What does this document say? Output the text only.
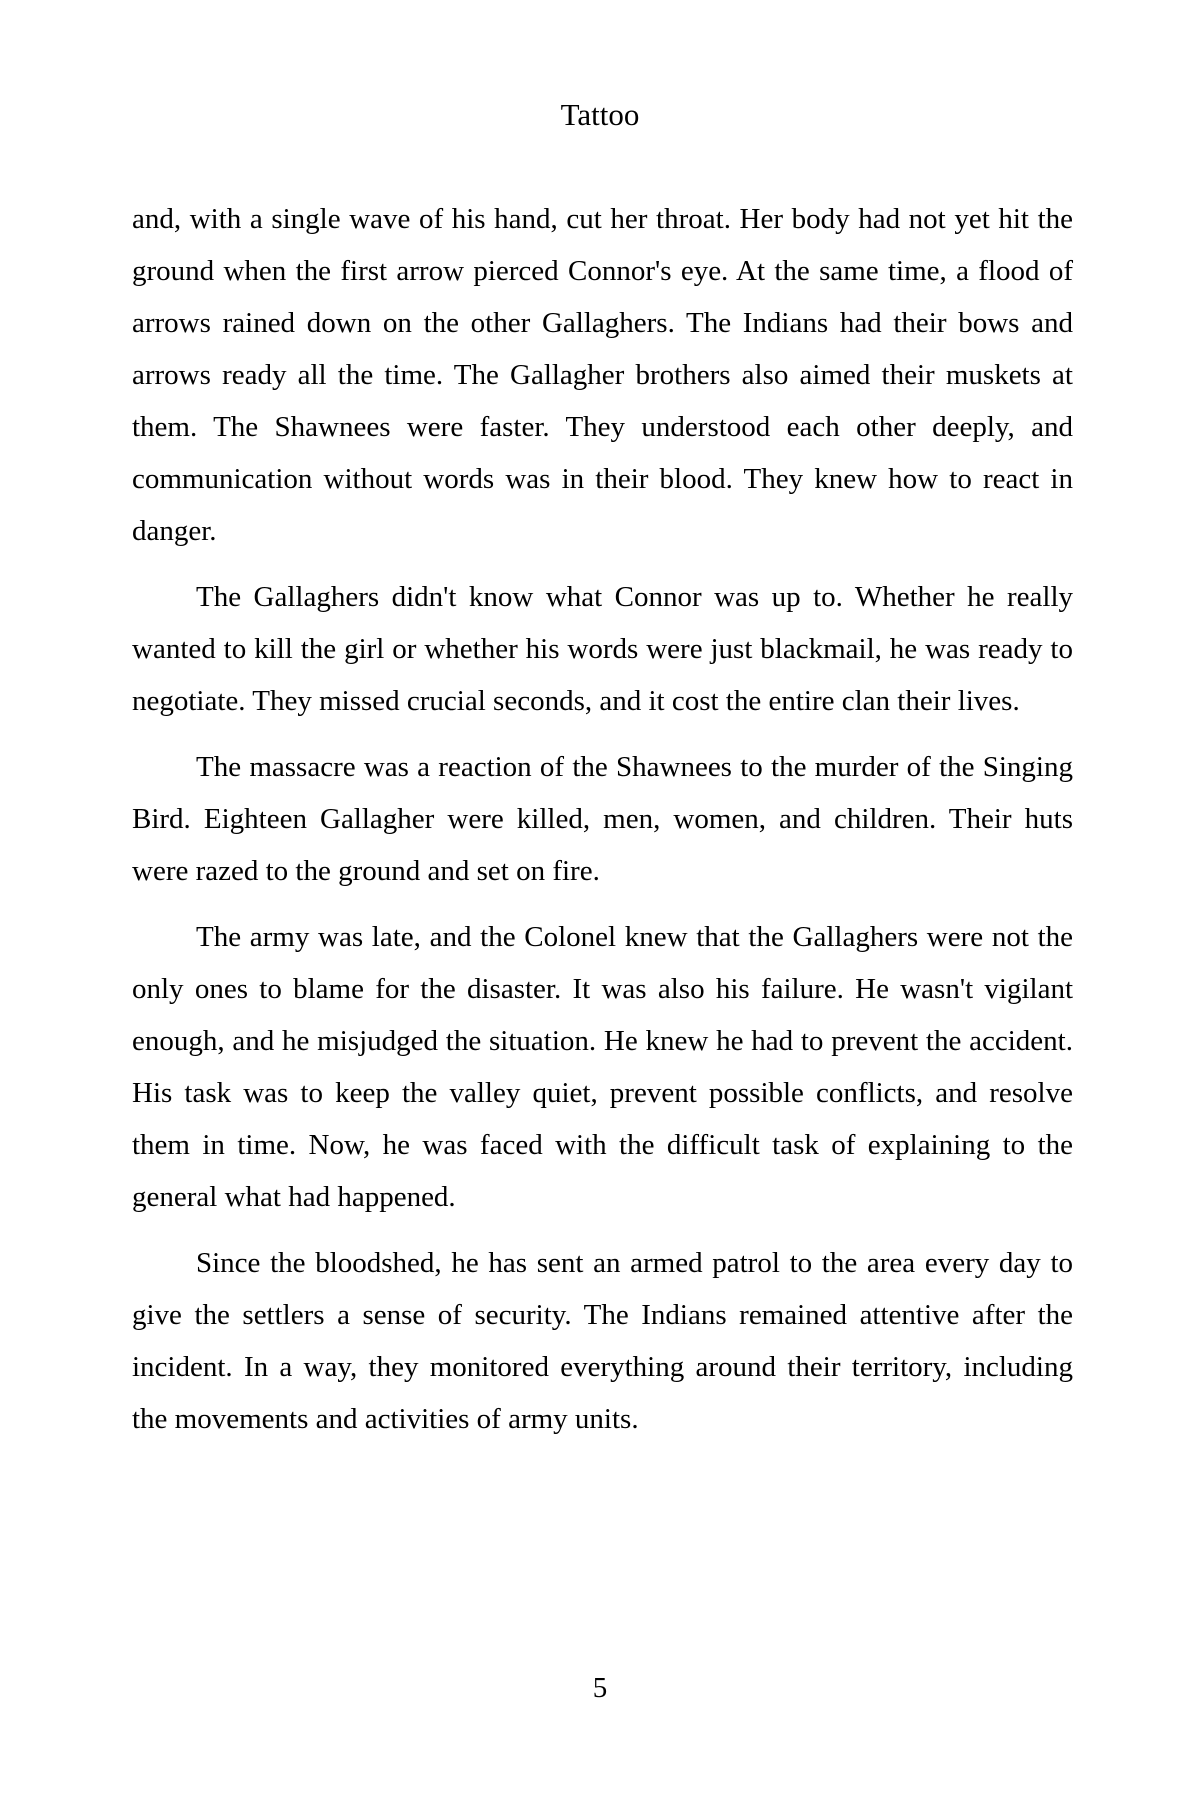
Tattoo

and, with a single wave of his hand, cut her throat. Her body had not yet hit the ground when the first arrow pierced Connor's eye. At the same time, a flood of arrows rained down on the other Gallaghers. The Indians had their bows and arrows ready all the time. The Gallagher brothers also aimed their muskets at them. The Shawnees were faster. They understood each other deeply, and communication without words was in their blood. They knew how to react in danger.

The Gallaghers didn't know what Connor was up to. Whether he really wanted to kill the girl or whether his words were just blackmail, he was ready to negotiate. They missed crucial seconds, and it cost the entire clan their lives.

The massacre was a reaction of the Shawnees to the murder of the Singing Bird. Eighteen Gallagher were killed, men, women, and children. Their huts were razed to the ground and set on fire.

The army was late, and the Colonel knew that the Gallaghers were not the only ones to blame for the disaster. It was also his failure. He wasn't vigilant enough, and he misjudged the situation. He knew he had to prevent the accident. His task was to keep the valley quiet, prevent possible conflicts, and resolve them in time. Now, he was faced with the difficult task of explaining to the general what had happened.

Since the bloodshed, he has sent an armed patrol to the area every day to give the settlers a sense of security. The Indians remained attentive after the incident. In a way, they monitored everything around their territory, including the movements and activities of army units.

5
